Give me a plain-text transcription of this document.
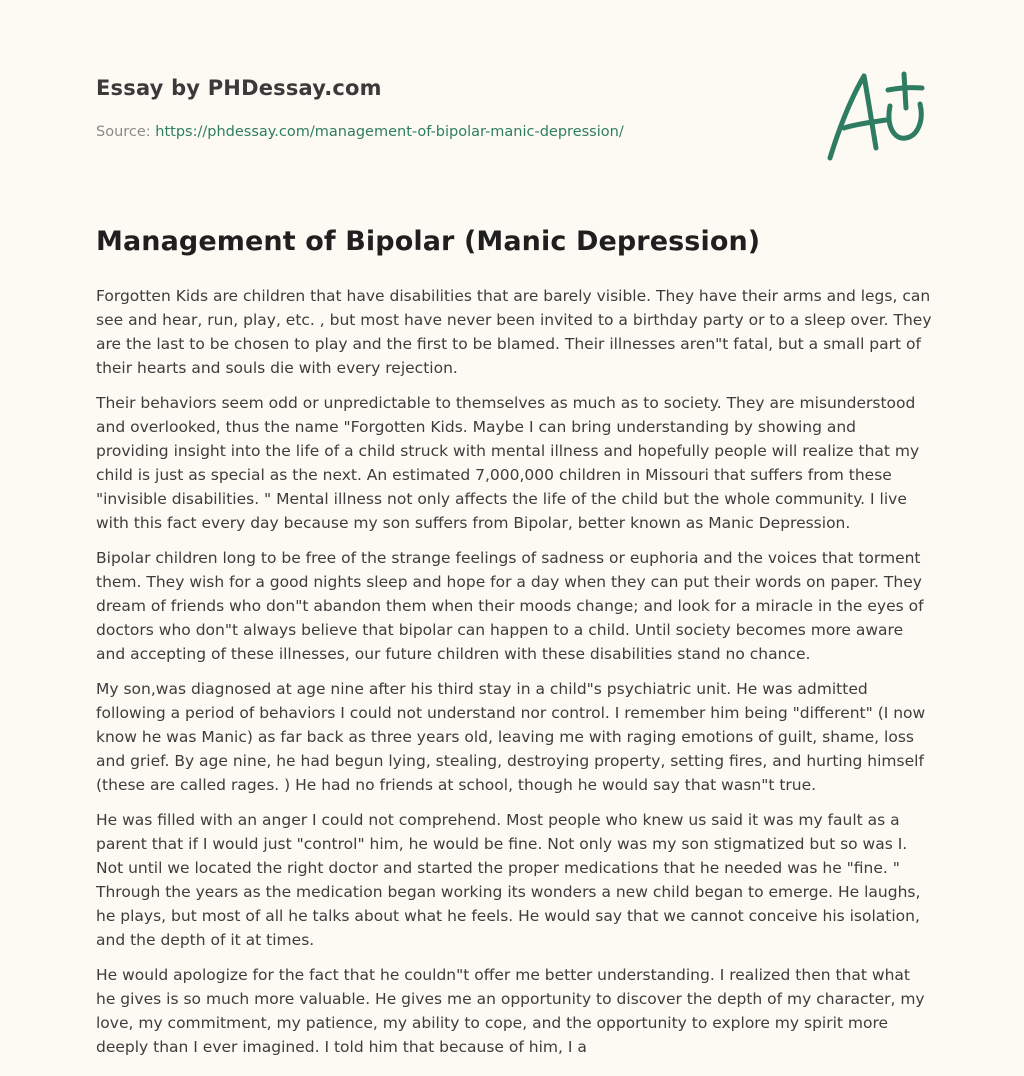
Essay by PHDessay.com
Source: https://phdessay.com/management-of-bipolar-manic-depression/
Management of Bipolar (Manic Depression)

Forgotten Kids are children that have disabilities that are barely visible. They have their arms and legs, can see and hear, run, play, etc. , but most have never been invited to a birthday party or to a sleep over. They are the last to be chosen to play and the first to be blamed. Their illnesses aren"t fatal, but a small part of their hearts and souls die with every rejection.

Their behaviors seem odd or unpredictable to themselves as much as to society. They are misunderstood and overlooked, thus the name "Forgotten Kids. Maybe I can bring understanding by showing and providing insight into the life of a child struck with mental illness and hopefully people will realize that my child is just as special as the next. An estimated 7,000,000 children in Missouri that suffers from these "invisible disabilities. " Mental illness not only affects the life of the child but the whole community. I live with this fact every day because my son suffers from Bipolar, better known as Manic Depression.

Bipolar children long to be free of the strange feelings of sadness or euphoria and the voices that torment them. They wish for a good nights sleep and hope for a day when they can put their words on paper. They dream of friends who don"t abandon them when their moods change; and look for a miracle in the eyes of doctors who don"t always believe that bipolar can happen to a child. Until society becomes more aware and accepting of these illnesses, our future children with these disabilities stand no chance.

My son,was diagnosed at age nine after his third stay in a child"s psychiatric unit. He was admitted following a period of behaviors I could not understand nor control. I remember him being "different" (I now know he was Manic) as far back as three years old, leaving me with raging emotions of guilt, shame, loss and grief. By age nine, he had begun lying, stealing, destroying property, setting fires, and hurting himself (these are called rages. ) He had no friends at school, though he would say that wasn"t true.

He was filled with an anger I could not comprehend. Most people who knew us said it was my fault as a parent that if I would just "control" him, he would be fine. Not only was my son stigmatized but so was I. Not until we located the right doctor and started the proper medications that he needed was he "fine. " Through the years as the medication began working its wonders a new child began to emerge. He laughs, he plays, but most of all he talks about what he feels. He would say that we cannot conceive his isolation, and the depth of it at times.

He would apologize for the fact that he couldn"t offer me better understanding. I realized then that what he gives is so much more valuable. He gives me an opportunity to discover the depth of my character, my love, my commitment, my patience, my ability to cope, and the opportunity to explore my spirit more deeply than I ever imagined. I told him that because of him, I a
